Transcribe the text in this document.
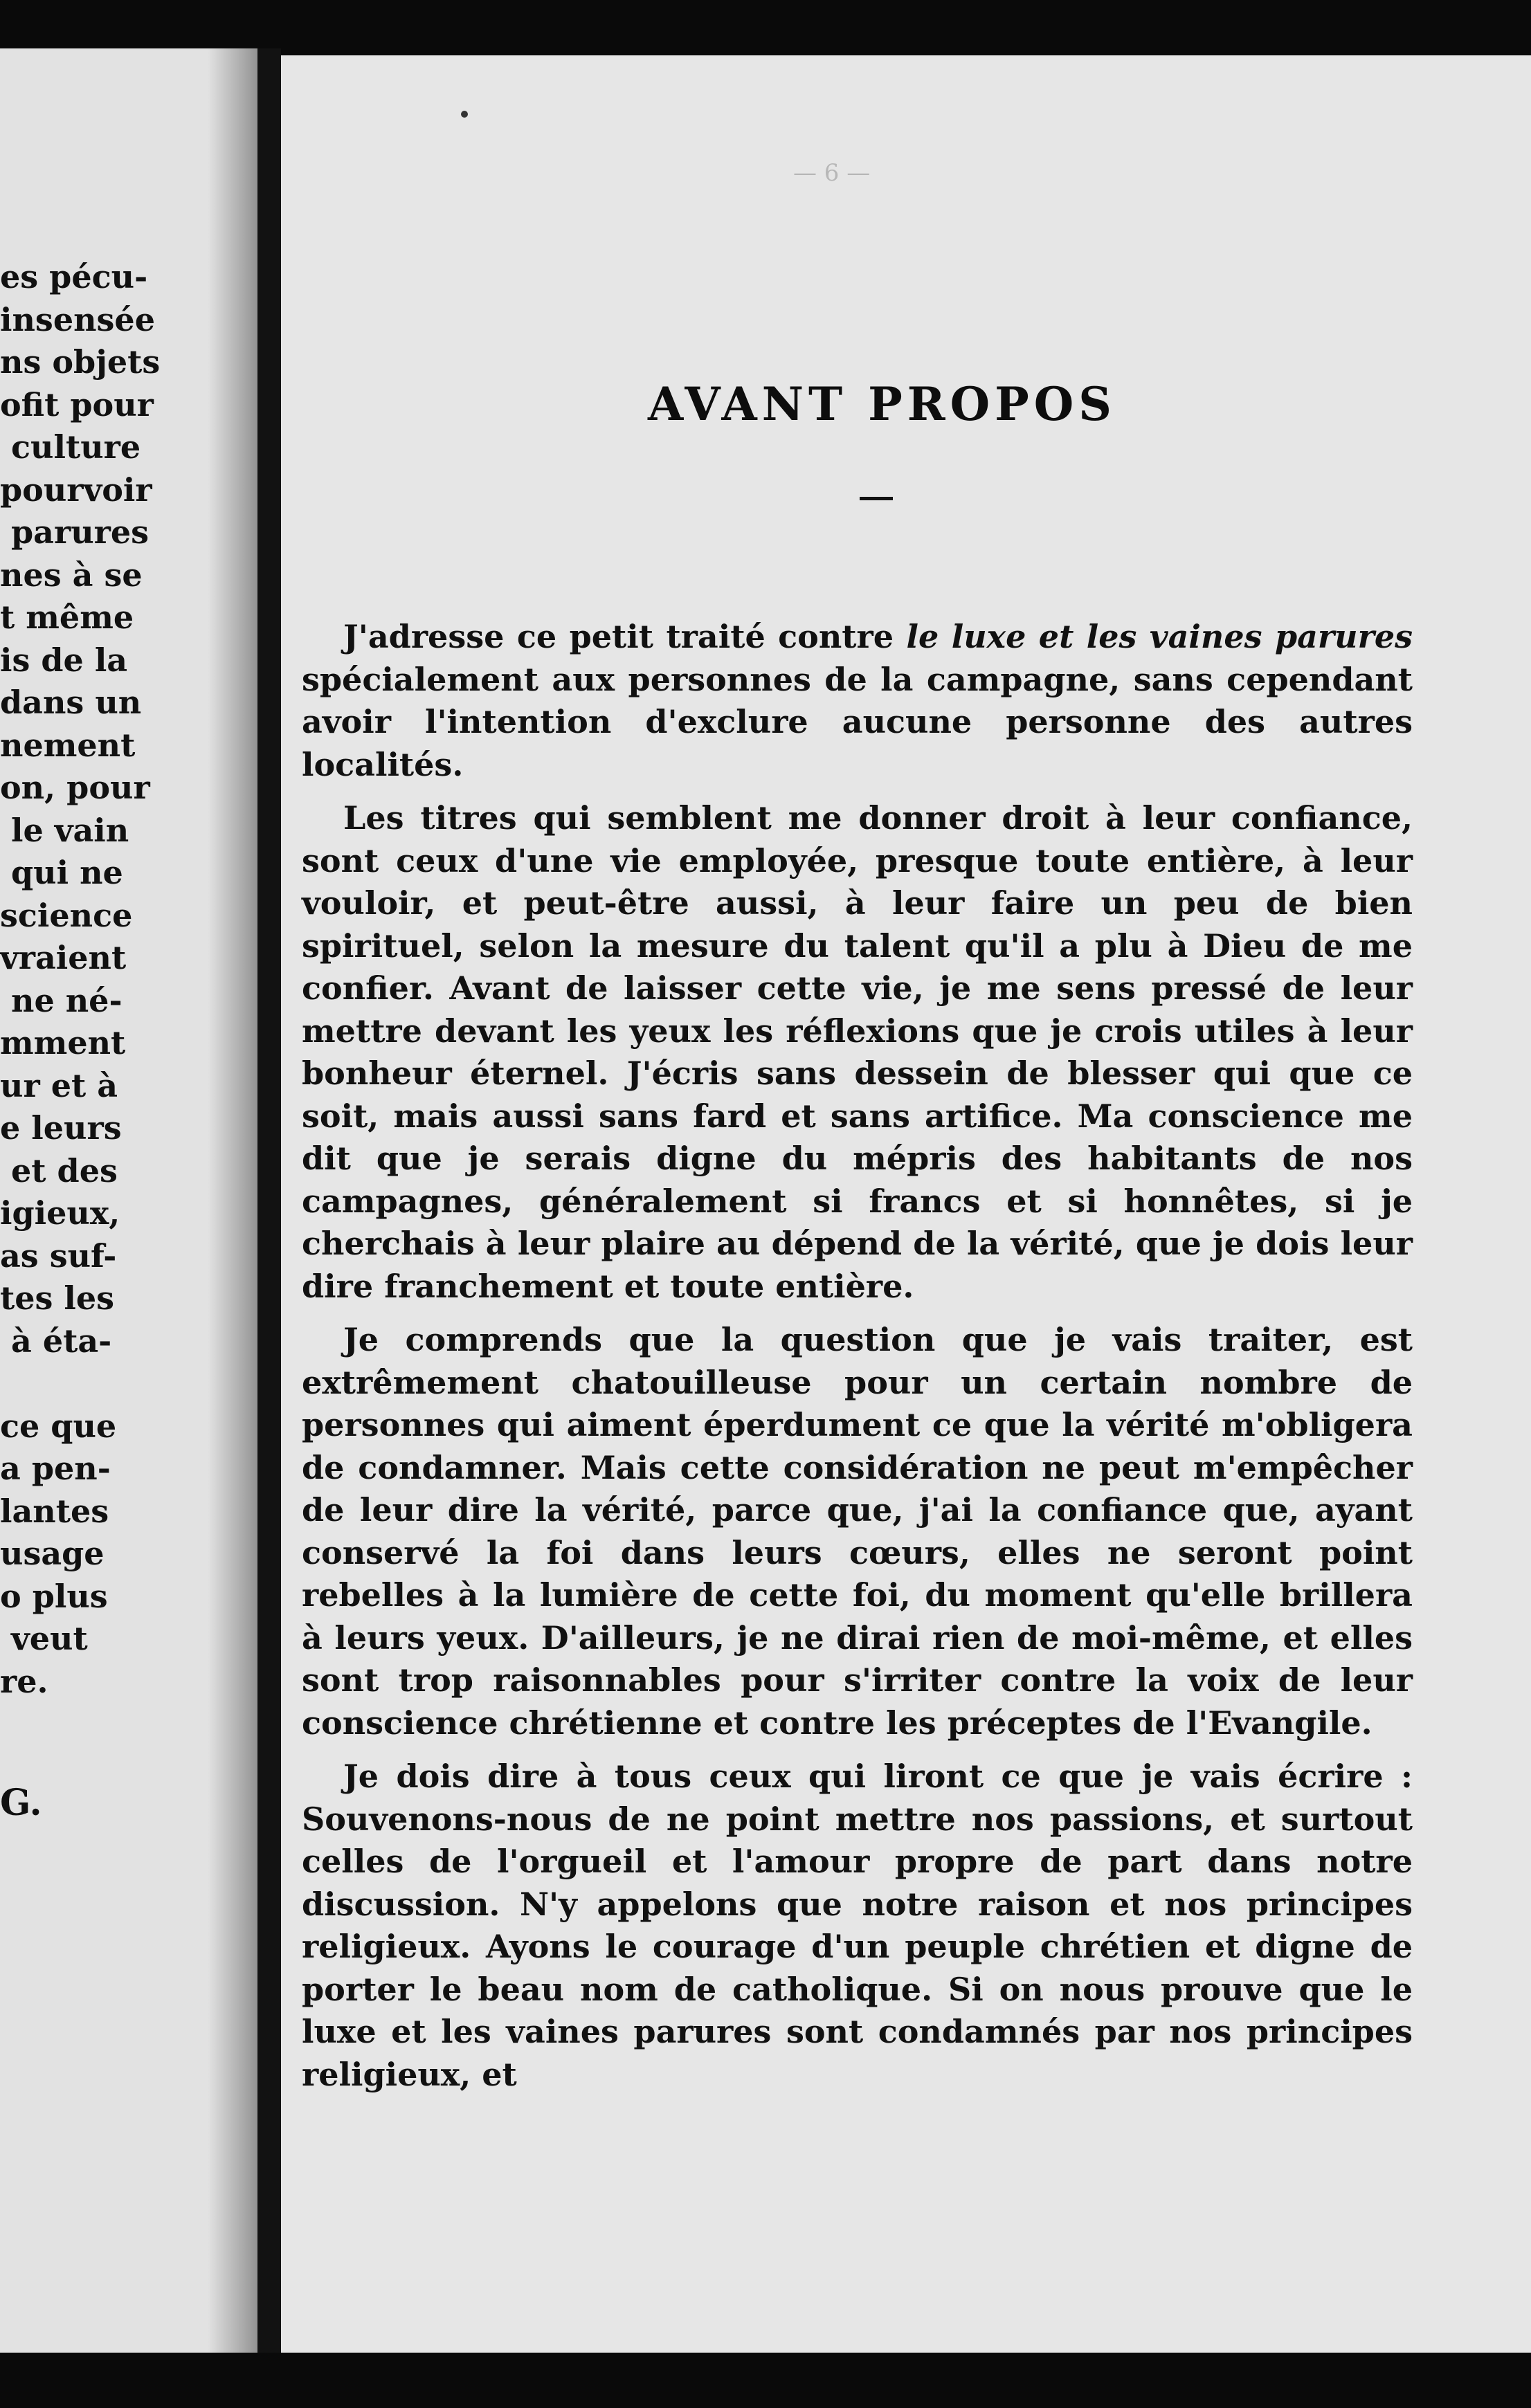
es pécu-
insensée
ns objets
ofit pour
culture
pourvoir
parures
nes à se
t même
is de la
dans un
nement
on, pour
le vain
qui ne
science
vraient
ne né-
mment
ur et à
e leurs
et des
igieux,
as suf-
tes les
à éta-
ce que
a pen-
lantes
usage
o plus
veut
re.
G.

— 6 —
AVANT PROPOS

J'adresse ce petit traité contre le luxe et les vaines parures spécialement aux personnes de la campagne, sans cependant avoir l'intention d'exclure aucune personne des autres localités.

Les titres qui semblent me donner droit à leur confiance, sont ceux d'une vie employée, presque toute entière, à leur vouloir, et peut-être aussi, à leur faire un peu de bien spirituel, selon la mesure du talent qu'il a plu à Dieu de me confier. Avant de laisser cette vie, je me sens pressé de leur mettre devant les yeux les réflexions que je crois utiles à leur bonheur éternel. J'écris sans dessein de blesser qui que ce soit, mais aussi sans fard et sans artifice. Ma conscience me dit que je serais digne du mépris des habitants de nos campagnes, généralement si francs et si honnêtes, si je cherchais à leur plaire au dépend de la vérité, que je dois leur dire franchement et toute entière.

Je comprends que la question que je vais traiter, est extrêmement chatouilleuse pour un certain nombre de personnes qui aiment éperdument ce que la vérité m'obligera de condamner. Mais cette considération ne peut m'empêcher de leur dire la vérité, parce que, j'ai la confiance que, ayant conservé la foi dans leurs cœurs, elles ne seront point rebelles à la lumière de cette foi, du moment qu'elle brillera à leurs yeux. D'ailleurs, je ne dirai rien de moi-même, et elles sont trop raisonnables pour s'irriter contre la voix de leur conscience chrétienne et contre les préceptes de l'Evangile.

Je dois dire à tous ceux qui liront ce que je vais écrire : Souvenons-nous de ne point mettre nos passions, et surtout celles de l'orgueil et l'amour propre de part dans notre discussion. N'y appelons que notre raison et nos principes religieux. Ayons le courage d'un peuple chrétien et digne de porter le beau nom de catholique. Si on nous prouve que le luxe et les vaines parures sont condamnés par nos principes religieux, et
